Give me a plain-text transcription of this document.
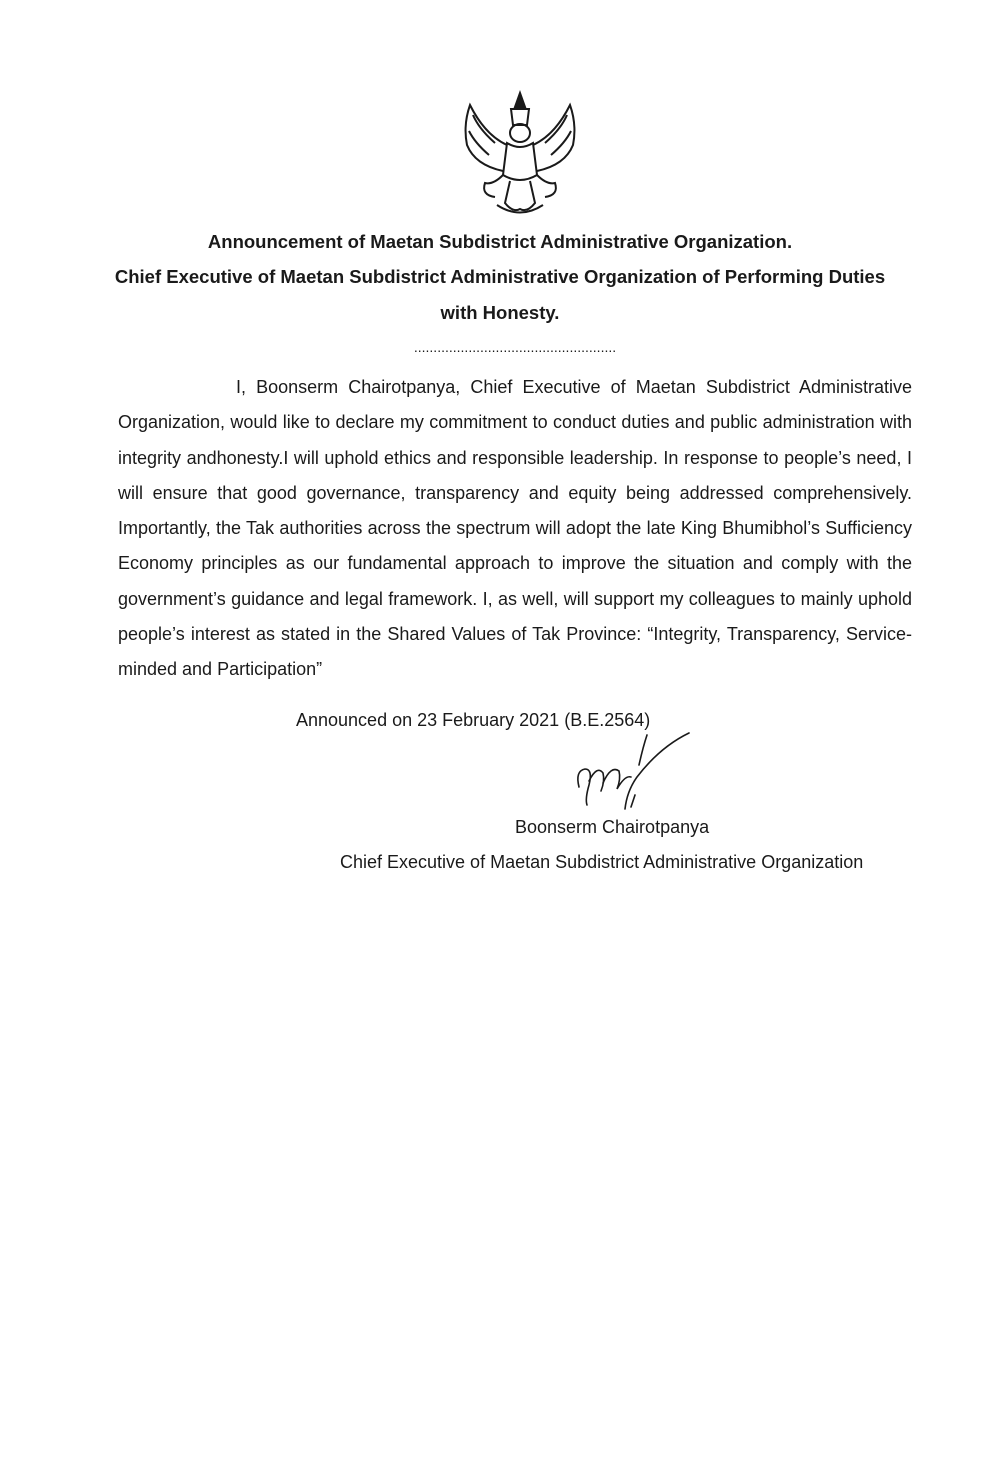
Announcement of Maetan Subdistrict Administrative Organization.
Chief Executive of Maetan Subdistrict Administrative Organization of Performing Duties
with Honesty.
....................................................

I, Boonserm Chairotpanya, Chief Executive of Maetan Subdistrict Administrative Organization, would like to declare my commitment to conduct duties and public administration with integrity andhonesty.I will uphold ethics and responsible leadership. In response to people’s need, I will ensure that good governance, transparency and equity being addressed comprehensively. Importantly, the Tak authorities across the spectrum will adopt the late King Bhumibhol’s Sufficiency Economy principles as our fundamental approach to improve the situation and comply with the government’s guidance and legal framework. I, as well, will support my colleagues to mainly uphold people’s interest as stated in the Shared Values of Tak Province: “Integrity, Transparency, Service-minded and Participation”

Announced on 23 February 2021 (B.E.2564)
Boonserm Chairotpanya
Chief Executive of Maetan Subdistrict Administrative Organization
